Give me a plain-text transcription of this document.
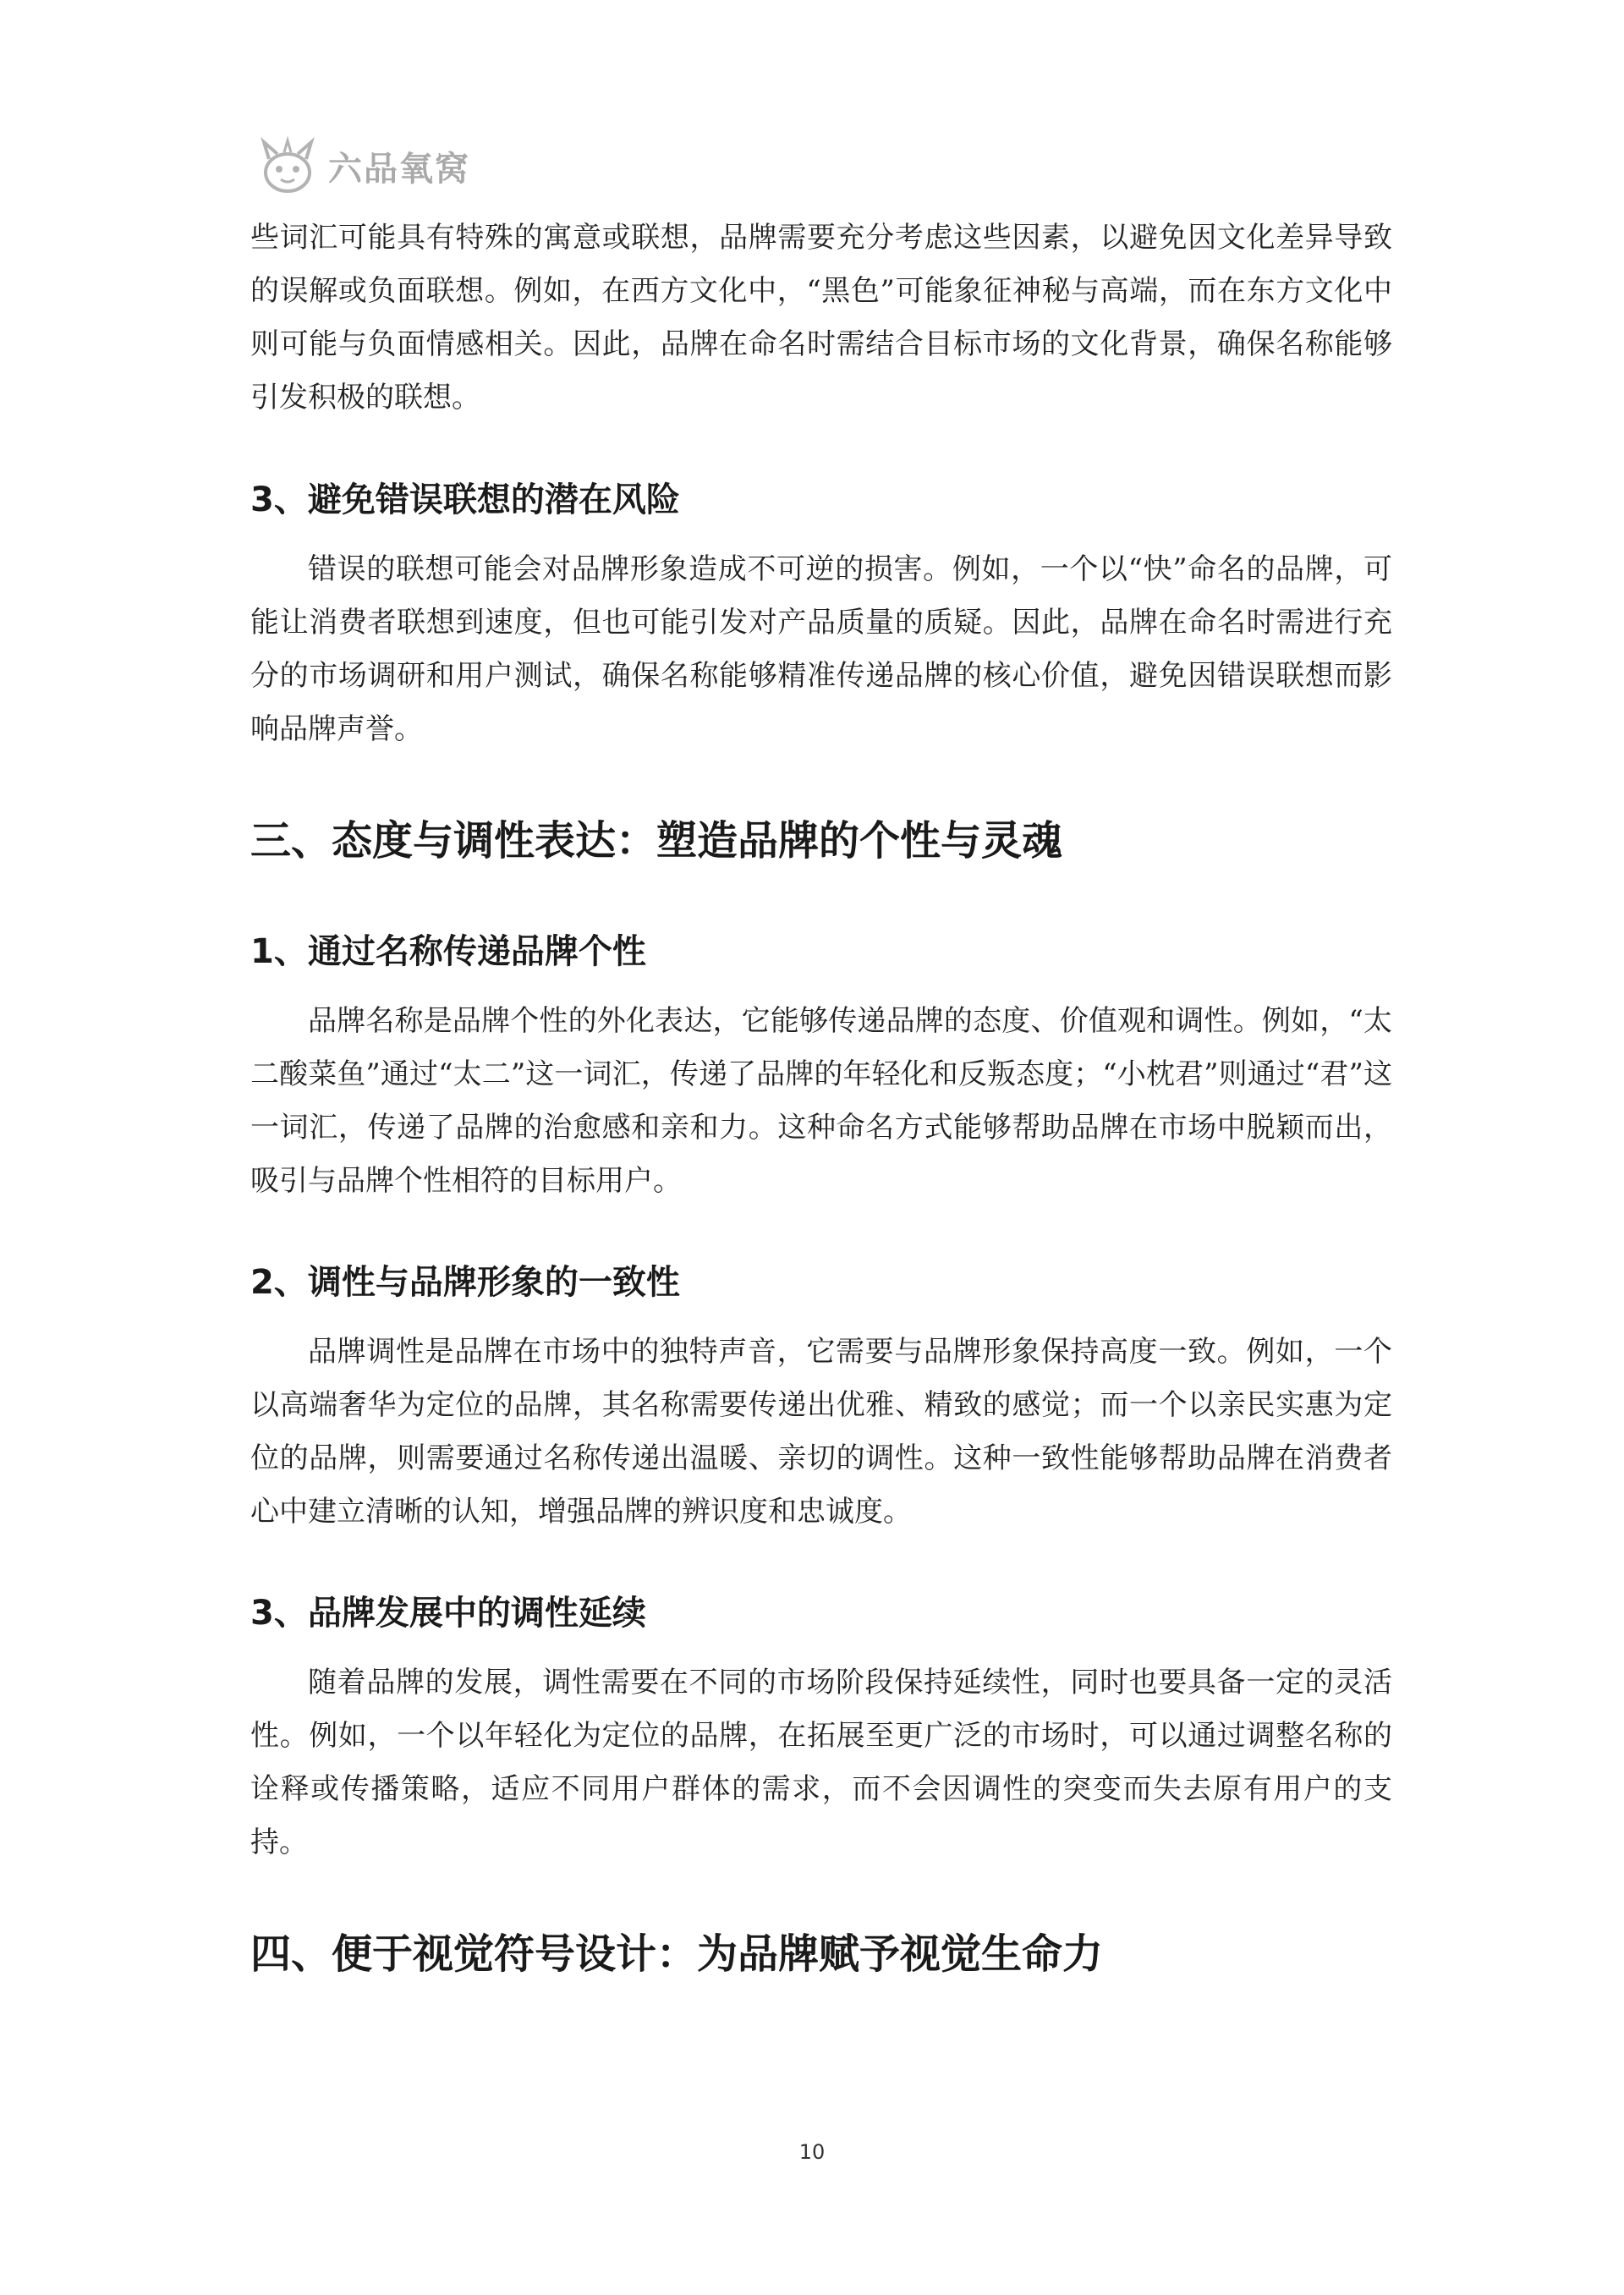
六品氧窝

些词汇可能具有特殊的寓意或联想，品牌需要充分考虑这些因素，以避免因文化差异导致的误解或负面联想。例如，在西方文化中，“黑色”可能象征神秘与高端，而在东方文化中则可能与负面情感相关。因此，品牌在命名时需结合目标市场的文化背景，确保名称能够引发积极的联想。

3、避免错误联想的潜在风险

错误的联想可能会对品牌形象造成不可逆的损害。例如，一个以“快”命名的品牌，可能让消费者联想到速度，但也可能引发对产品质量的质疑。因此，品牌在命名时需进行充分的市场调研和用户测试，确保名称能够精准传递品牌的核心价值，避免因错误联想而影响品牌声誉。

三、态度与调性表达：塑造品牌的个性与灵魂
1、通过名称传递品牌个性

品牌名称是品牌个性的外化表达，它能够传递品牌的态度、价值观和调性。例如，“太二酸菜鱼”通过“太二”这一词汇，传递了品牌的年轻化和反叛态度；“小枕君”则通过“君”这一词汇，传递了品牌的治愈感和亲和力。这种命名方式能够帮助品牌在市场中脱颖而出，吸引与品牌个性相符的目标用户。

2、调性与品牌形象的一致性

品牌调性是品牌在市场中的独特声音，它需要与品牌形象保持高度一致。例如，一个以高端奢华为定位的品牌，其名称需要传递出优雅、精致的感觉；而一个以亲民实惠为定位的品牌，则需要通过名称传递出温暖、亲切的调性。这种一致性能够帮助品牌在消费者心中建立清晰的认知，增强品牌的辨识度和忠诚度。

3、品牌发展中的调性延续

随着品牌的发展，调性需要在不同的市场阶段保持延续性，同时也要具备一定的灵活性。例如，一个以年轻化为定位的品牌，在拓展至更广泛的市场时，可以通过调整名称的诠释或传播策略，适应不同用户群体的需求，而不会因调性的突变而失去原有用户的支持。

四、便于视觉符号设计：为品牌赋予视觉生命力
10
